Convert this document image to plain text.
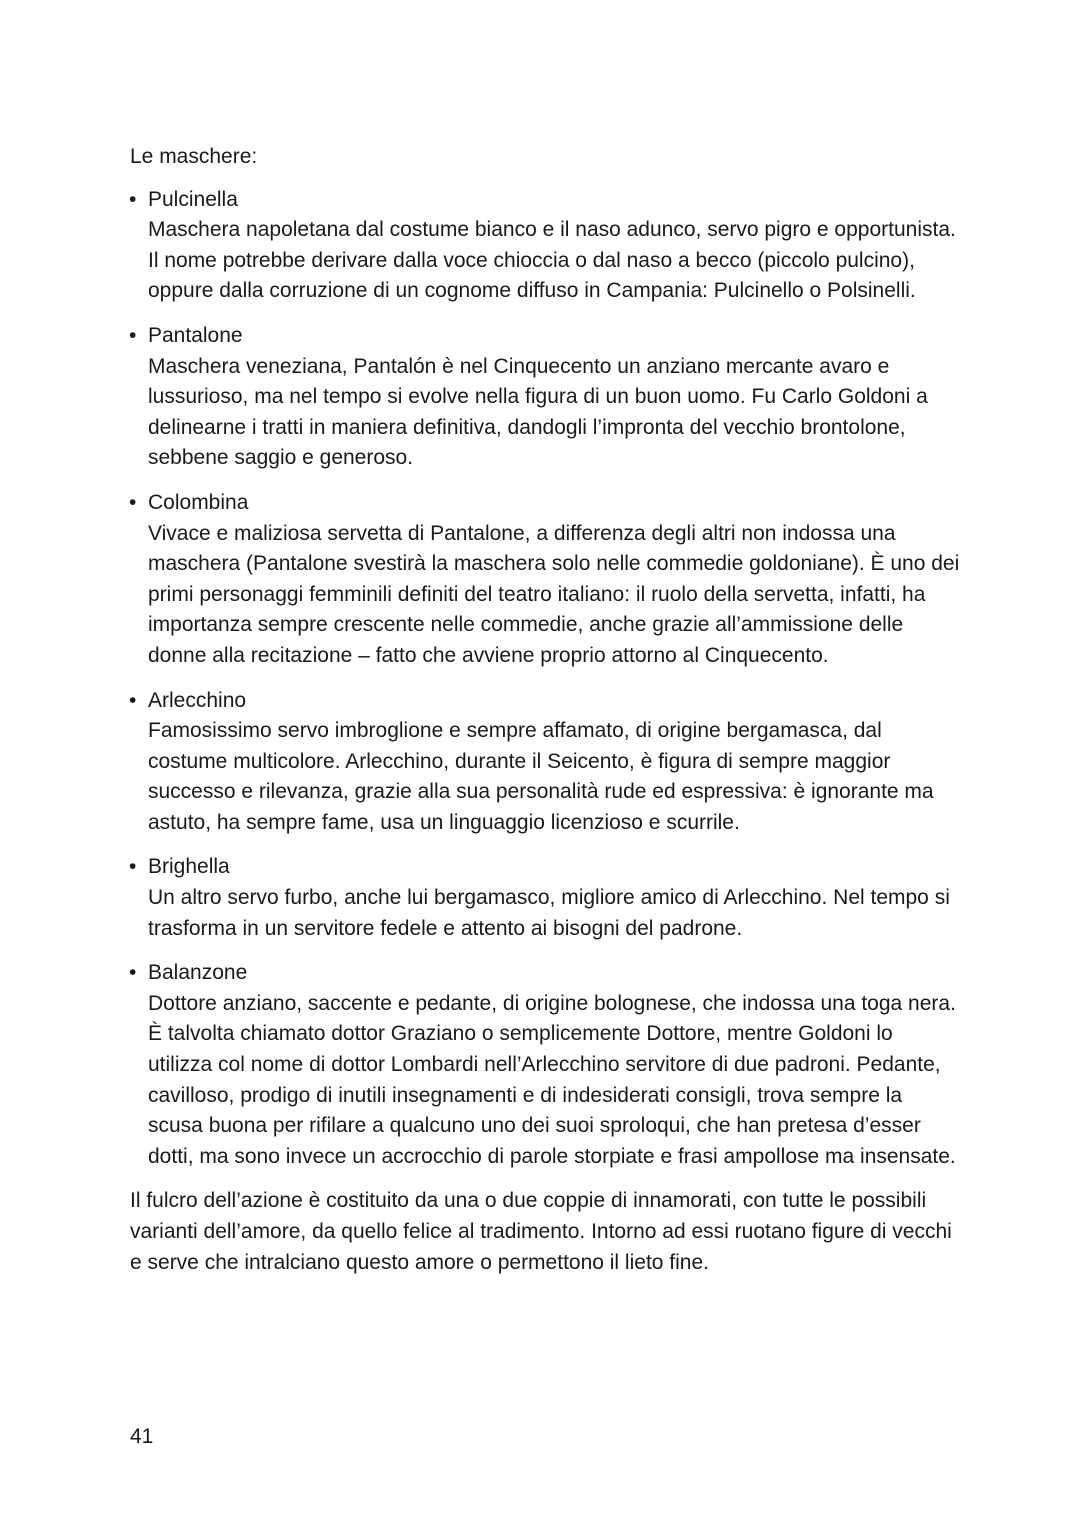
Le maschere:

• Pulcinella
Maschera napoletana dal costume bianco e il naso adunco, servo pigro e opportunista. Il nome potrebbe derivare dalla voce chioccia o dal naso a becco (piccolo pulcino), oppure dalla corruzione di un cognome diffuso in Campania: Pulcinello o Polsinelli.
• Pantalone
Maschera veneziana, Pantalón è nel Cinquecento un anziano mercante avaro e lussurioso, ma nel tempo si evolve nella figura di un buon uomo. Fu Carlo Goldoni a delinearne i tratti in maniera definitiva, dandogli l’impronta del vecchio brontolone, sebbene saggio e generoso.
• Colombina
Vivace e maliziosa servetta di Pantalone, a differenza degli altri non indossa una maschera (Pantalone svestirà la maschera solo nelle commedie goldoniane). È uno dei primi personaggi femminili definiti del teatro italiano: il ruolo della servetta, infatti, ha importanza sempre crescente nelle commedie, anche grazie all’ammissione delle donne alla recitazione – fatto che avviene proprio attorno al Cinquecento.
• Arlecchino
Famosissimo servo imbroglione e sempre affamato, di origine bergamasca, dal costume multicolore. Arlecchino, durante il Seicento, è figura di sempre maggior successo e rilevanza, grazie alla sua personalità rude ed espressiva: è ignorante ma astuto, ha sempre fame, usa un linguaggio licenzioso e scurrile.
• Brighella
Un altro servo furbo, anche lui bergamasco, migliore amico di Arlecchino. Nel tempo si trasforma in un servitore fedele e attento ai bisogni del padrone.
• Balanzone
Dottore anziano, saccente e pedante, di origine bolognese, che indossa una toga nera. È talvolta chiamato dottor Graziano o semplicemente Dottore, mentre Goldoni lo utilizza col nome di dottor Lombardi nell’Arlecchino servitore di due padroni. Pedante, cavilloso, prodigo di inutili insegnamenti e di indesiderati consigli, trova sempre la scusa buona per rifilare a qualcuno uno dei suoi sproloqui, che han pretesa d’esser dotti, ma sono invece un accrocchio di parole storpiate e frasi ampollose ma insensate.

Il fulcro dell’azione è costituito da una o due coppie di innamorati, con tutte le possibili varianti dell’amore, da quello felice al tradimento. Intorno ad essi ruotano figure di vecchi e serve che intralciano questo amore o permettono il lieto fine.

41
